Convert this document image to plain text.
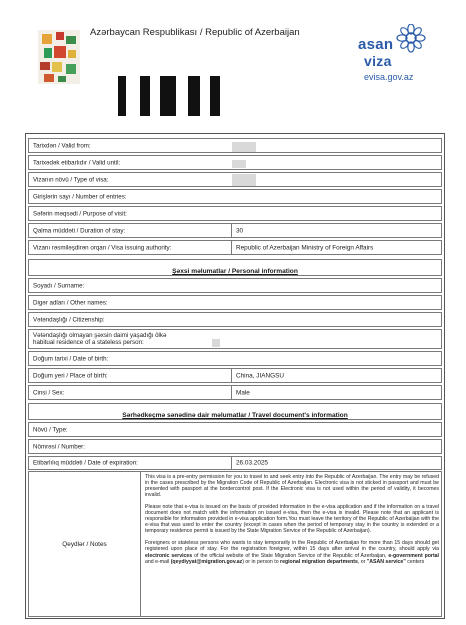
Azərbaycan Respublikası / Republic of Azerbaijan
asan
viza
evisa.gov.az
Tarixdən / Valid from:
Tarixədək etibarlıdır / Valid until:
Vizanın növü / Type of visa:
Girişlərin sayı / Number of entries:
Səfərin məqsədi / Purpose of visit:
Qalma müddəti / Duration of stay:	30
Vizanı rəsmiləşdirən orqan / Visa issuing authority:	Republic of Azerbaijan Ministry of Foreign Affairs
Şəxsi məlumatlar / Personal information
Soyadı / Surname:
Digər adları / Other names:
Vətəndaşlığı / Citizenship:
Vətəndaşlığı olmayan şəxsin daimi yaşadığı ölkə
habitual residence of a stateless person:
Doğum tarixi / Date of birth:
Doğum yeri / Place of birth:	China, JIANGSU
Cinsi / Sex:	Male
Sərhədkeçmə sənədinə dair məlumatlar / Travel document's information
Növü / Type:
Nömrəsi / Number:
Etibarlılıq müddəti / Date of expiration:	26.03.2025
Qeydlər / Notes

This visa is a pre-entry permission for you to travel to and seek entry into the Republic of Azerbaijan. The entry may be refused in the cases prescribed by the Migration Code of Republic of Azerbaijan. Electronic visa is not sticked in passport and must be presented with passport at the bordercontrol post. If the Electronic visa is not used within the period of validity, it becomes invalid.

Please note that e-visa is issued on the basis of provided information in the e-visa application and if the information on a travel document does not match with the information on issued e-visa, then the e-visa is invalid. Please note that an applicant is responsible for information provided in e-visa application form.You must leave the territory of the Republic of Azerbaijan with the e-visa that was used to enter the country (except in cases when the period of temporary stay in the country is extended or a temporary residence permit is issued by the State Migration Service of the Republic of Azerbaijan).

Foreigners or stateless persons who wants to stay temporarily in the Republic of Azerbaijan for more than 15 days should get registered upon place of stay. For the registration foreigner, within 15 days after arrival in the country, should apply via electronic services of the official website of the State Migration Service of the Republic of Azerbaijan, e-government portal and e-mail (qeydiyyat@migration.gov.az) or in person to regional migration departments, or "ASAN service" centers
